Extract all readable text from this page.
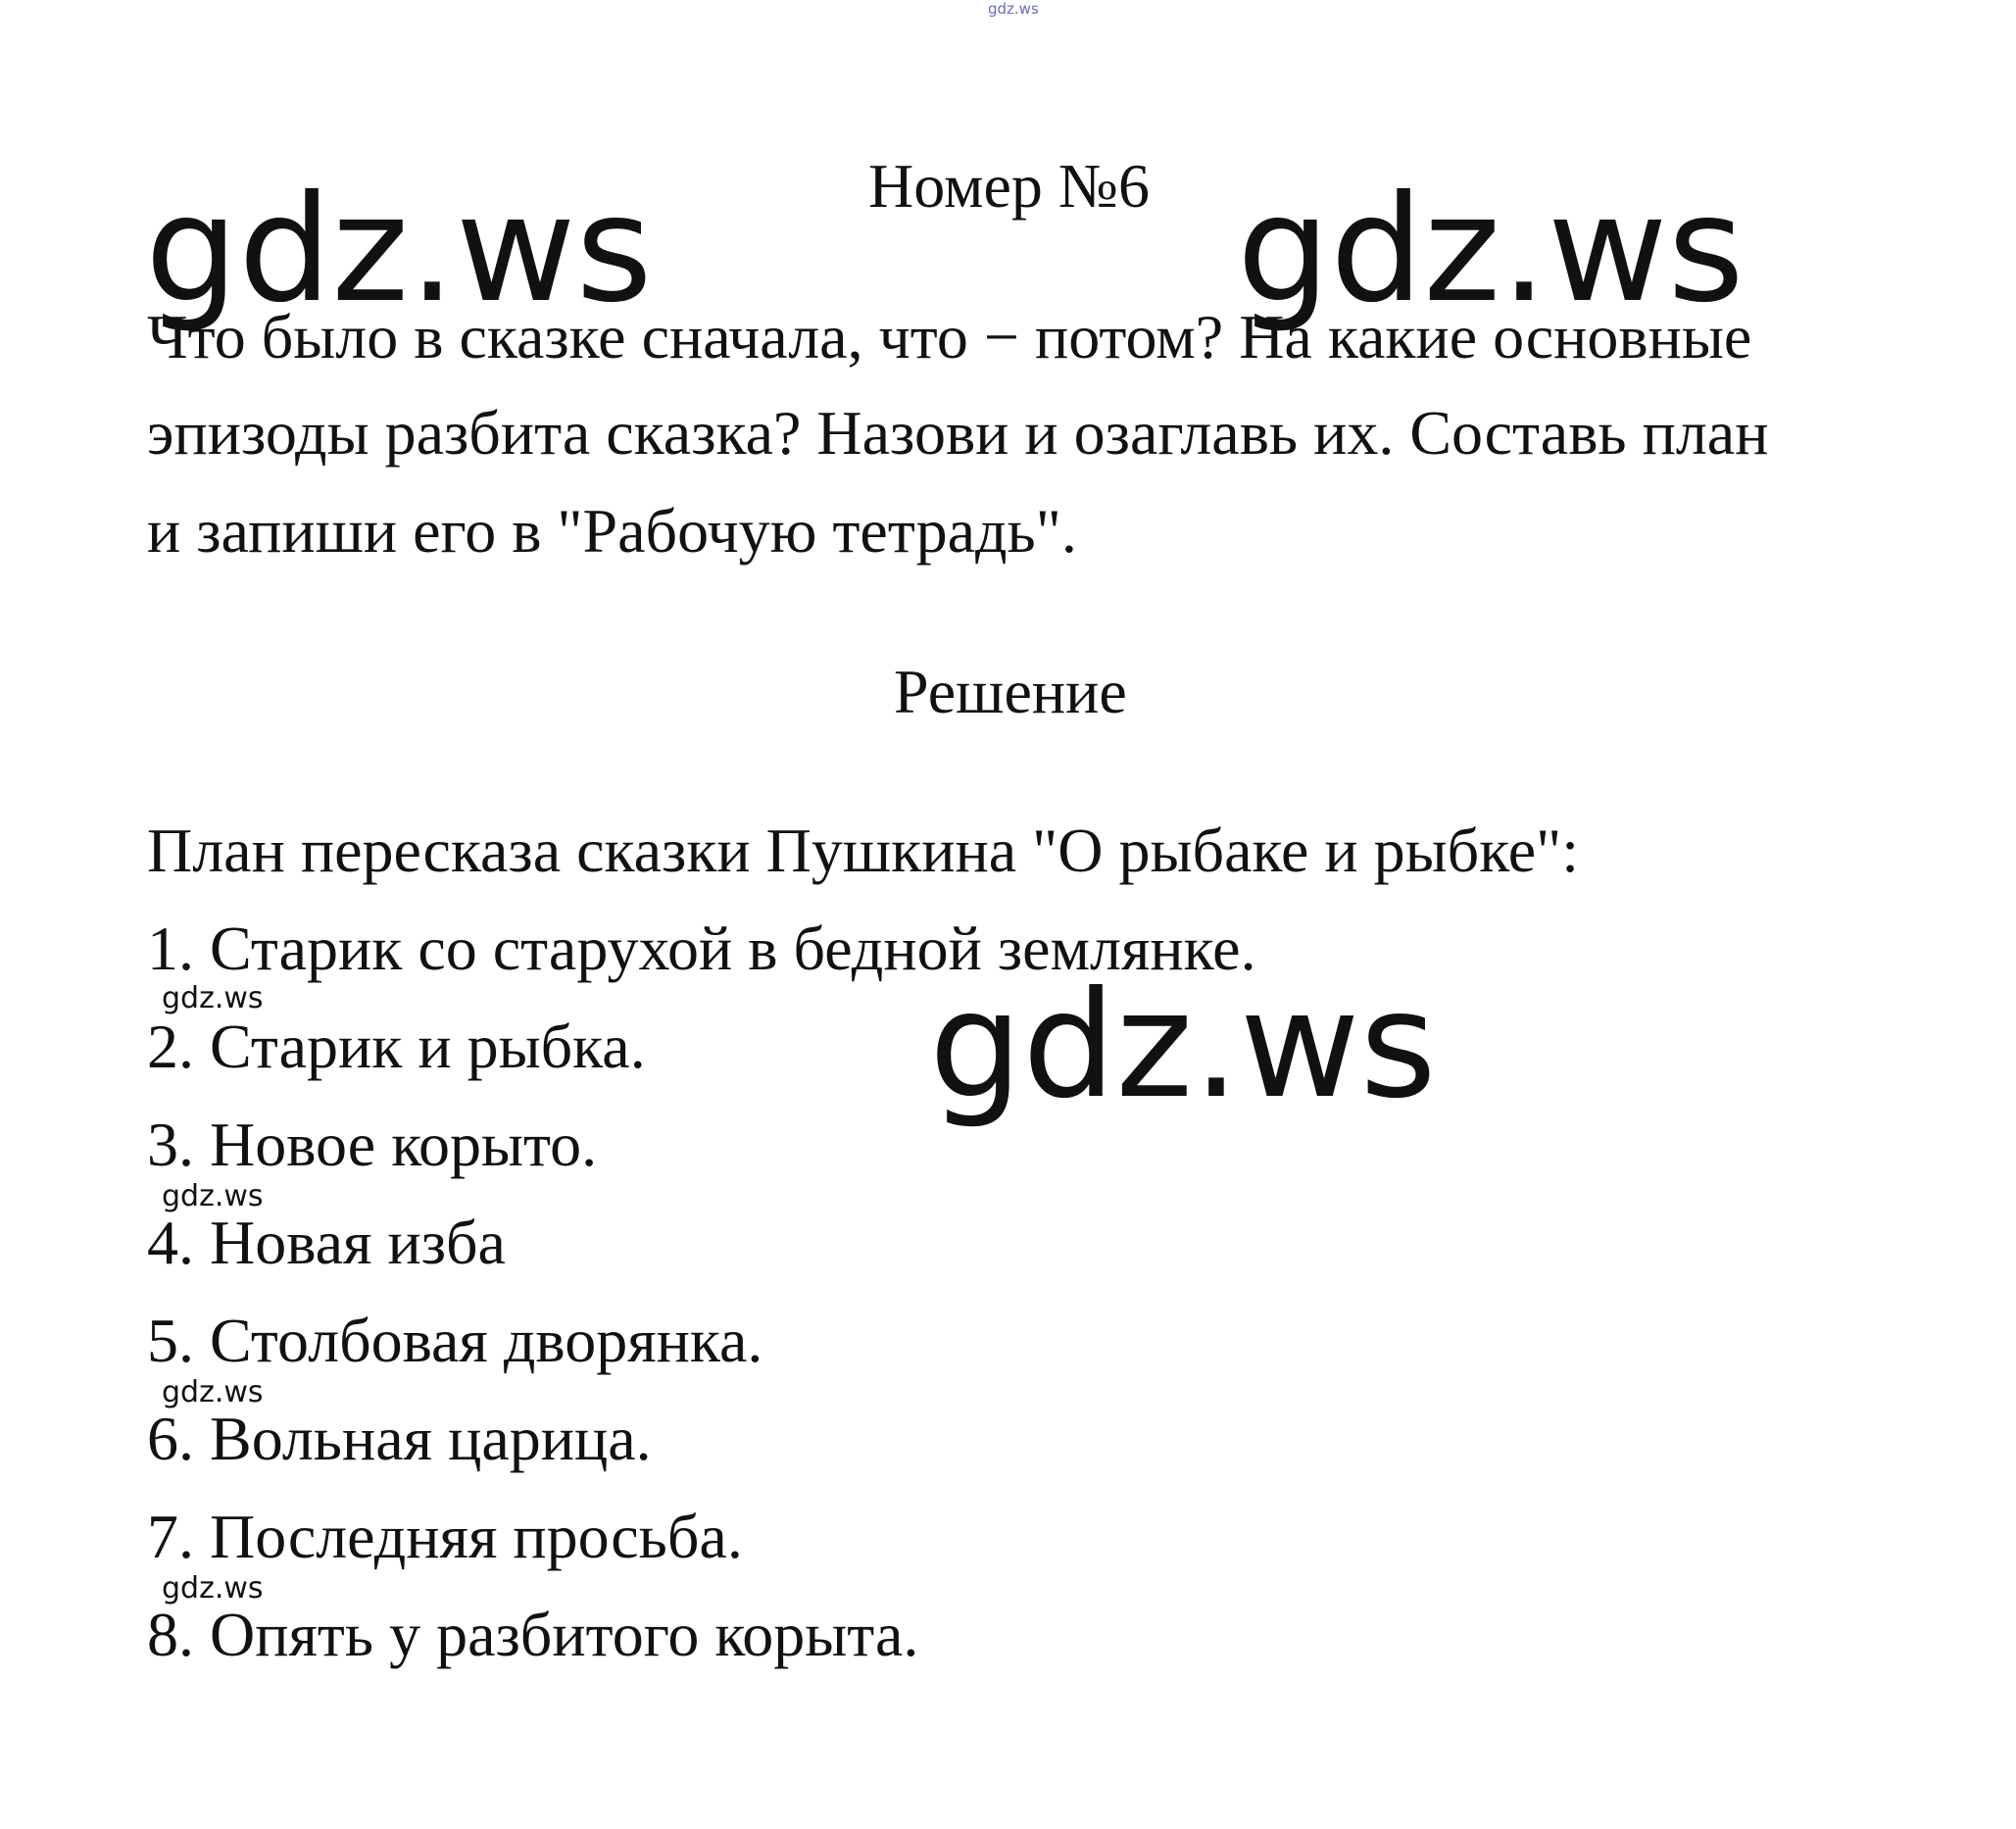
gdz.ws
Номер №6
gdz.ws	gdz.ws
Что было в сказке сначала, что − потом? На какие основные
эпизоды разбита сказка? Назови и озаглавь их. Составь план
и запиши его в "Рабочую тетрадь".
Решение
План пересказа сказки Пушкина "О рыбаке и рыбке":
1. Старик со старухой в бедной землянке.
2. Старик и рыбка.
3. Новое корыто.
4. Новая изба
5. Столбовая дворянка.
6. Вольная царица.
7. Последняя просьба.
8. Опять у разбитого корыта.
gdz.ws
gdz.ws
gdz.ws
gdz.ws
gdz.ws
